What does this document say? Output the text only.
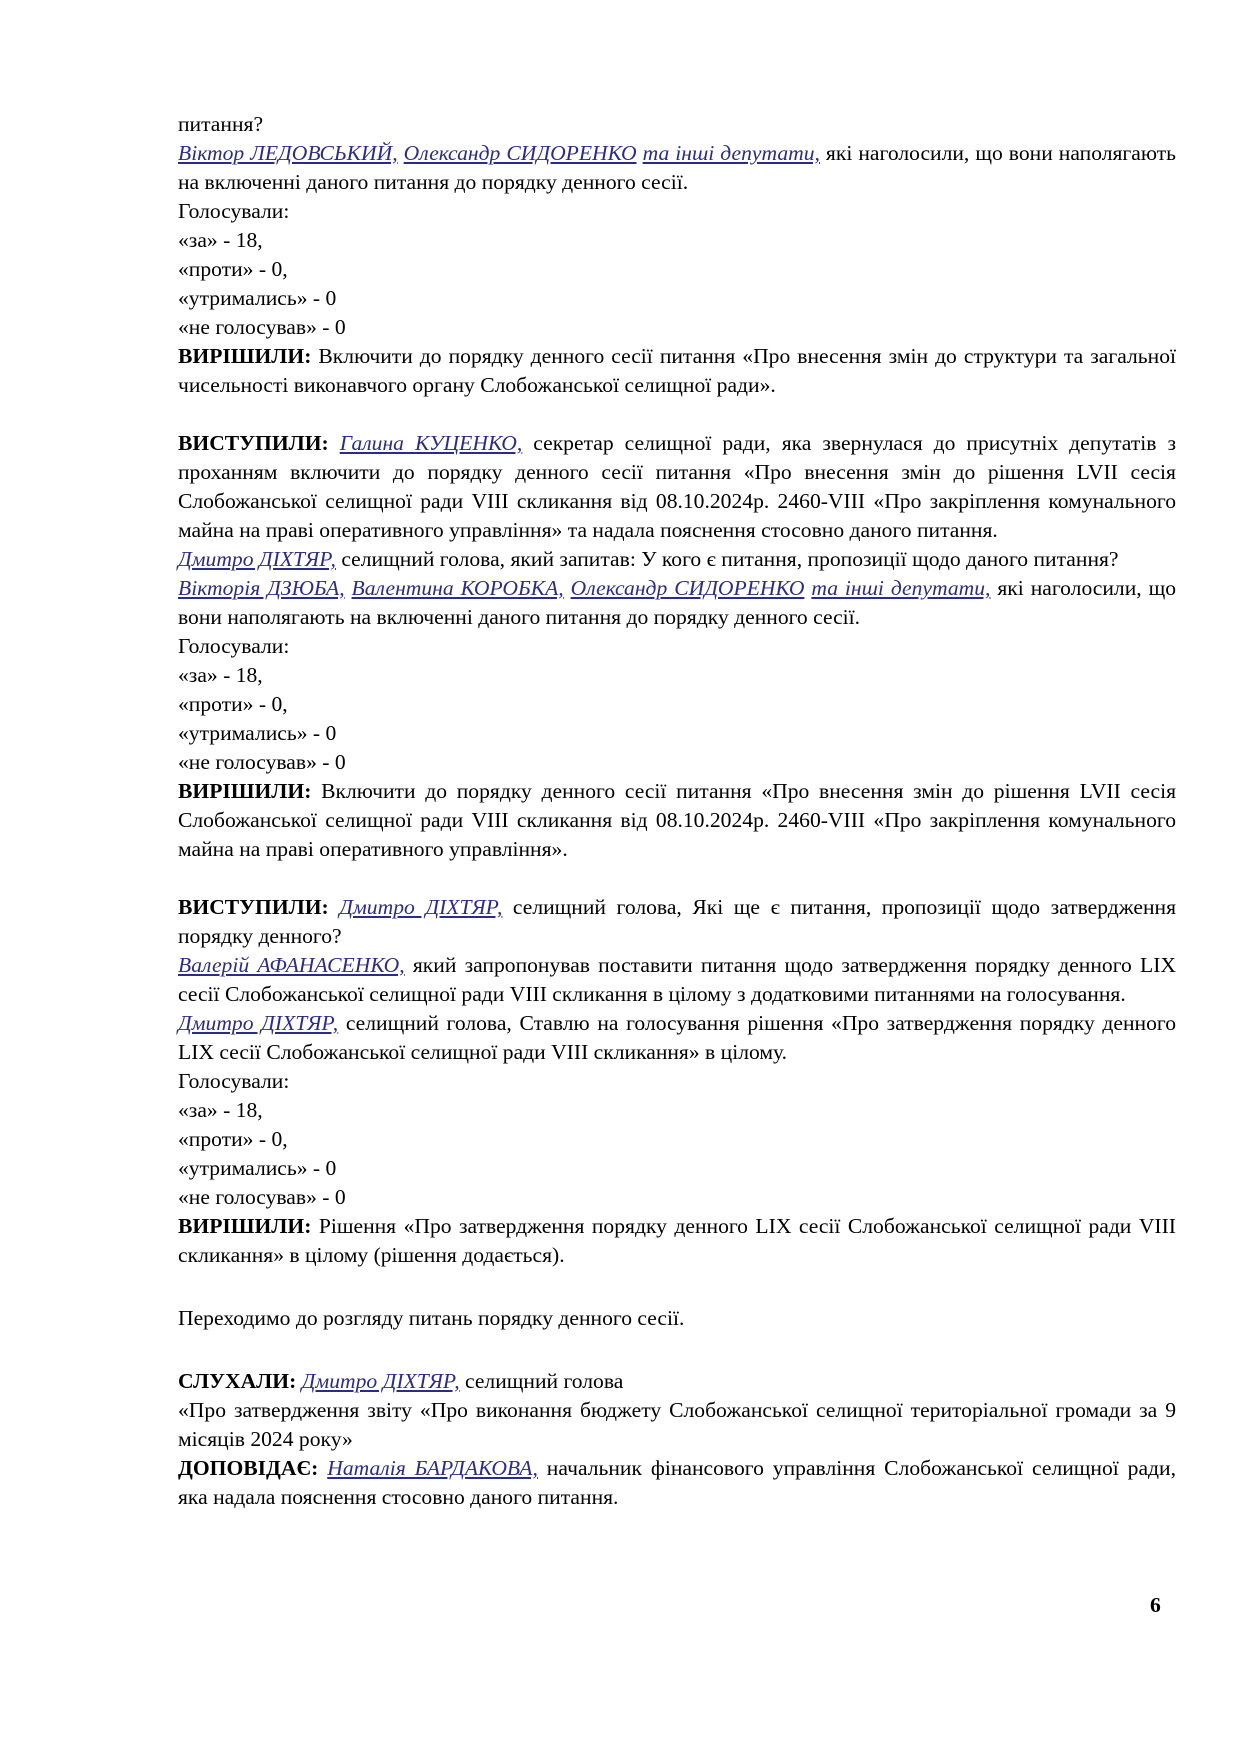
питання?

Віктор ЛЕДОВСЬКИЙ, Олександр СИДОРЕНКО та інші депутати, які наголосили, що вони наполягають на включенні даного питання до порядку денного сесії.

Голосували:

«за» - 18,

«проти» - 0,

«утримались» - 0

«не голосував» - 0

ВИРІШИЛИ: Включити до порядку денного сесії питання «Про внесення змін до структури та загальної чисельності виконавчого органу Слобожанської селищної ради».

ВИСТУПИЛИ: Галина КУЦЕНКО, секретар селищної ради, яка звернулася до присутніх депутатів з проханням включити до порядку денного сесії питання «Про внесення змін до рішення LVII сесія Слобожанської селищної ради VIII скликання від 08.10.2024р. 2460-VIII «Про закріплення комунального майна на праві оперативного управління» та надала пояснення стосовно даного питання.

Дмитро ДІХТЯР, селищний голова, який запитав: У кого є питання, пропозиції щодо даного питання?

Вікторія ДЗЮБА, Валентина КОРОБКА, Олександр СИДОРЕНКО та інші депутати, які наголосили, що вони наполягають на включенні даного питання до порядку денного сесії.

Голосували:

«за» - 18,

«проти» - 0,

«утримались» - 0

«не голосував» - 0

ВИРІШИЛИ: Включити до порядку денного сесії питання «Про внесення змін до рішення LVII сесія Слобожанської селищної ради VIII скликання від 08.10.2024р. 2460-VIII «Про закріплення комунального майна на праві оперативного управління».

ВИСТУПИЛИ: Дмитро ДІХТЯР, селищний голова, Які ще є питання, пропозиції щодо затвердження порядку денного?

Валерій АФАНАСЕНКО, який запропонував поставити питання щодо затвердження порядку денного LIX сесії Слобожанської селищної ради VIII скликання в цілому з додатковими питаннями на голосування.

Дмитро ДІХТЯР, селищний голова, Ставлю на голосування рішення «Про затвердження порядку денного LIX сесії Слобожанської селищної ради VIII скликання» в цілому.

Голосували:

«за» - 18,

«проти» - 0,

«утримались» - 0

«не голосував» - 0

ВИРІШИЛИ: Рішення «Про затвердження порядку денного LIX сесії Слобожанської селищної ради VIII скликання» в цілому (рішення додається).

Переходимо до розгляду питань порядку денного сесії.

СЛУХАЛИ: Дмитро ДІХТЯР, селищний голова

«Про затвердження звіту «Про виконання бюджету Слобожанської селищної територіальної громади за 9 місяців 2024 року»

ДОПОВІДАЄ: Наталія БАРДАКОВА, начальник фінансового управління Слобожанської селищної ради, яка надала пояснення стосовно даного питання.

6
